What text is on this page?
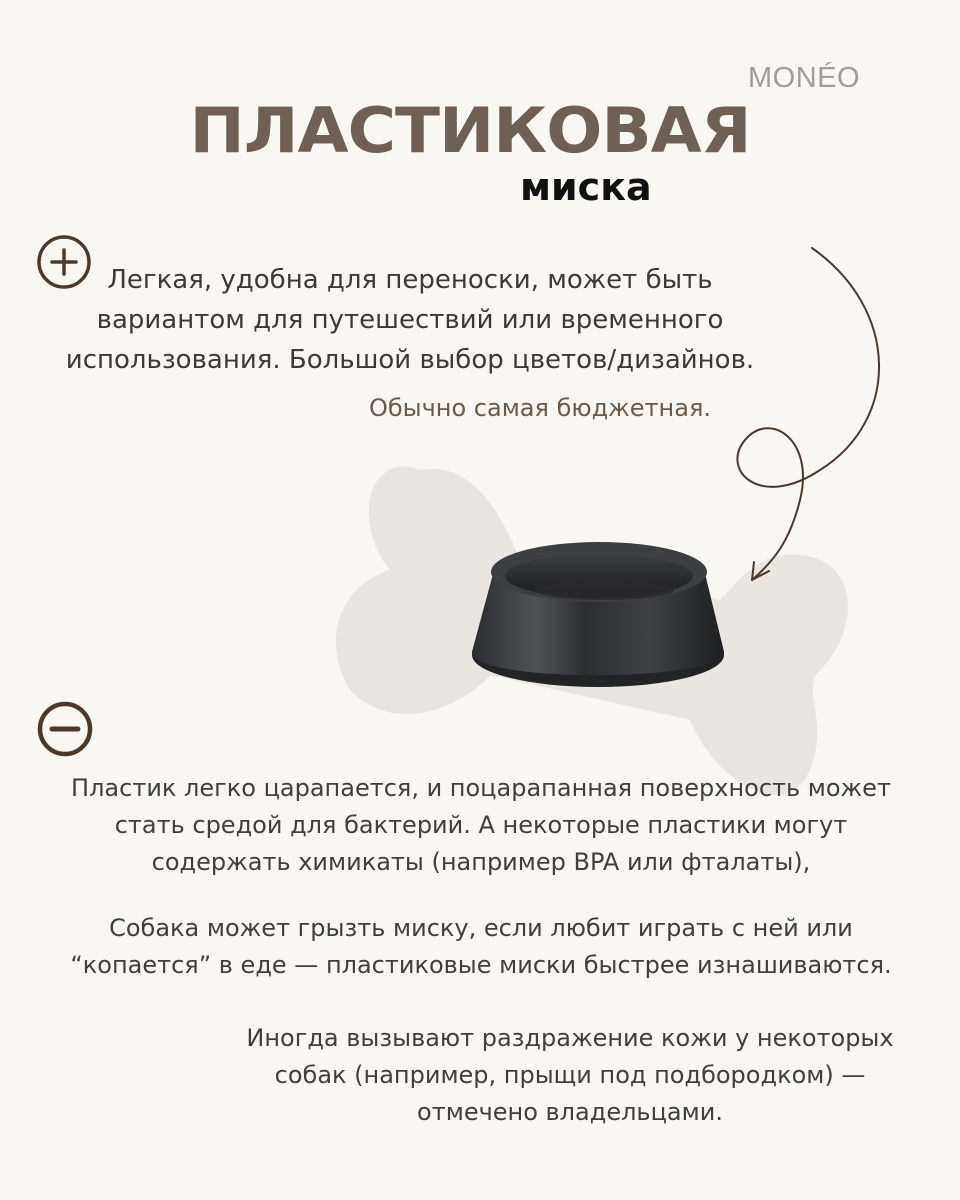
MONÉO
ПЛАСТИКОВАЯ
миска
Легкая, удобна для переноски, может быть вариантом для путешествий или временного использования. Большой выбор цветов/дизайнов.
Обычно самая бюджетная.
Пластик легко царапается, и поцарапанная поверхность может стать средой для бактерий. А некоторые пластики могут содержать химикаты (например BPA или фталаты),
Собака может грызть миску, если любит играть с ней или “копается” в еде — пластиковые миски быстрее изнашиваются.
Иногда вызывают раздражение кожи у некоторых собак (например, прыщи под подбородком) — отмечено владельцами.
